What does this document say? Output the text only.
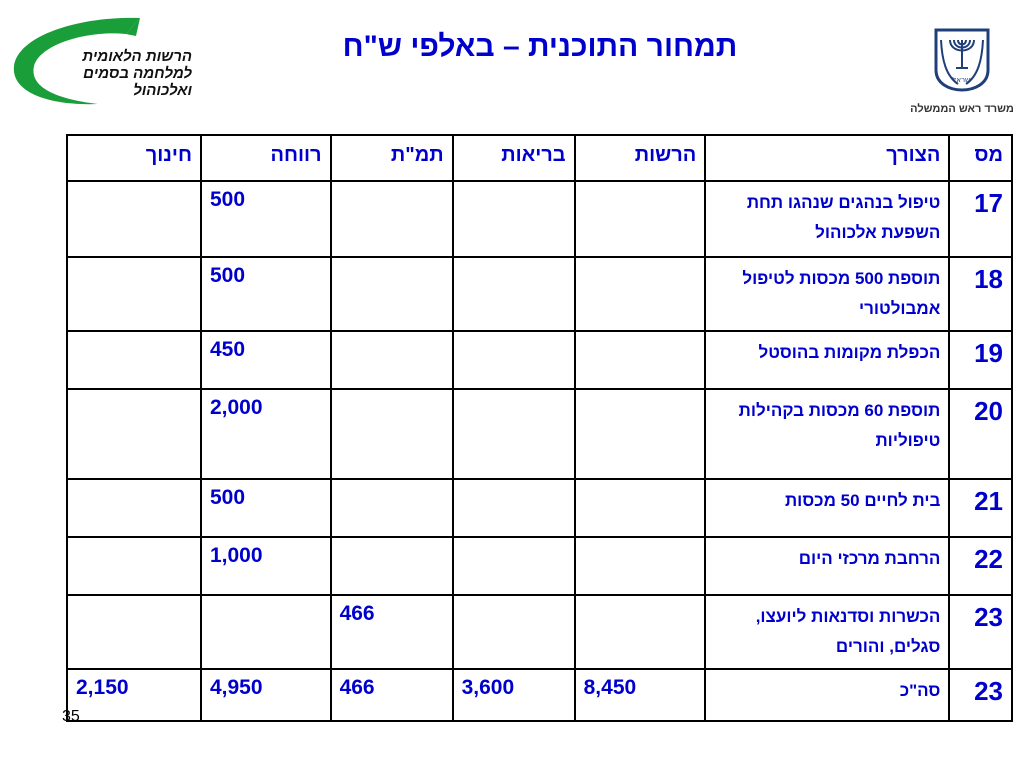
הרשות הלאומית
למלחמה בסמים
ואלכוהול
תמחור התוכנית – באלפי ש"ח
ישראל
משרד ראש הממשלה
מס	הצורך	הרשות	בריאות	תמ"ת	רווחה	חינוך
17	טיפול בנהגים שנהגו תחת השפעת אלכוהול				500	
18	תוספת 500 מכסות לטיפול אמבולטורי				500	
19	הכפלת מקומות בהוסטל				450	
20	תוספת 60 מכסות בקהילות טיפוליות				2,000	
21	בית לחיים 50 מכסות				500	
22	הרחבת מרכזי היום				1,000	
23	הכשרות וסדנאות ליועצו, סגלים, והורים			466		
23	סה"כ	8,450	3,600	466	4,950	2,150
35
